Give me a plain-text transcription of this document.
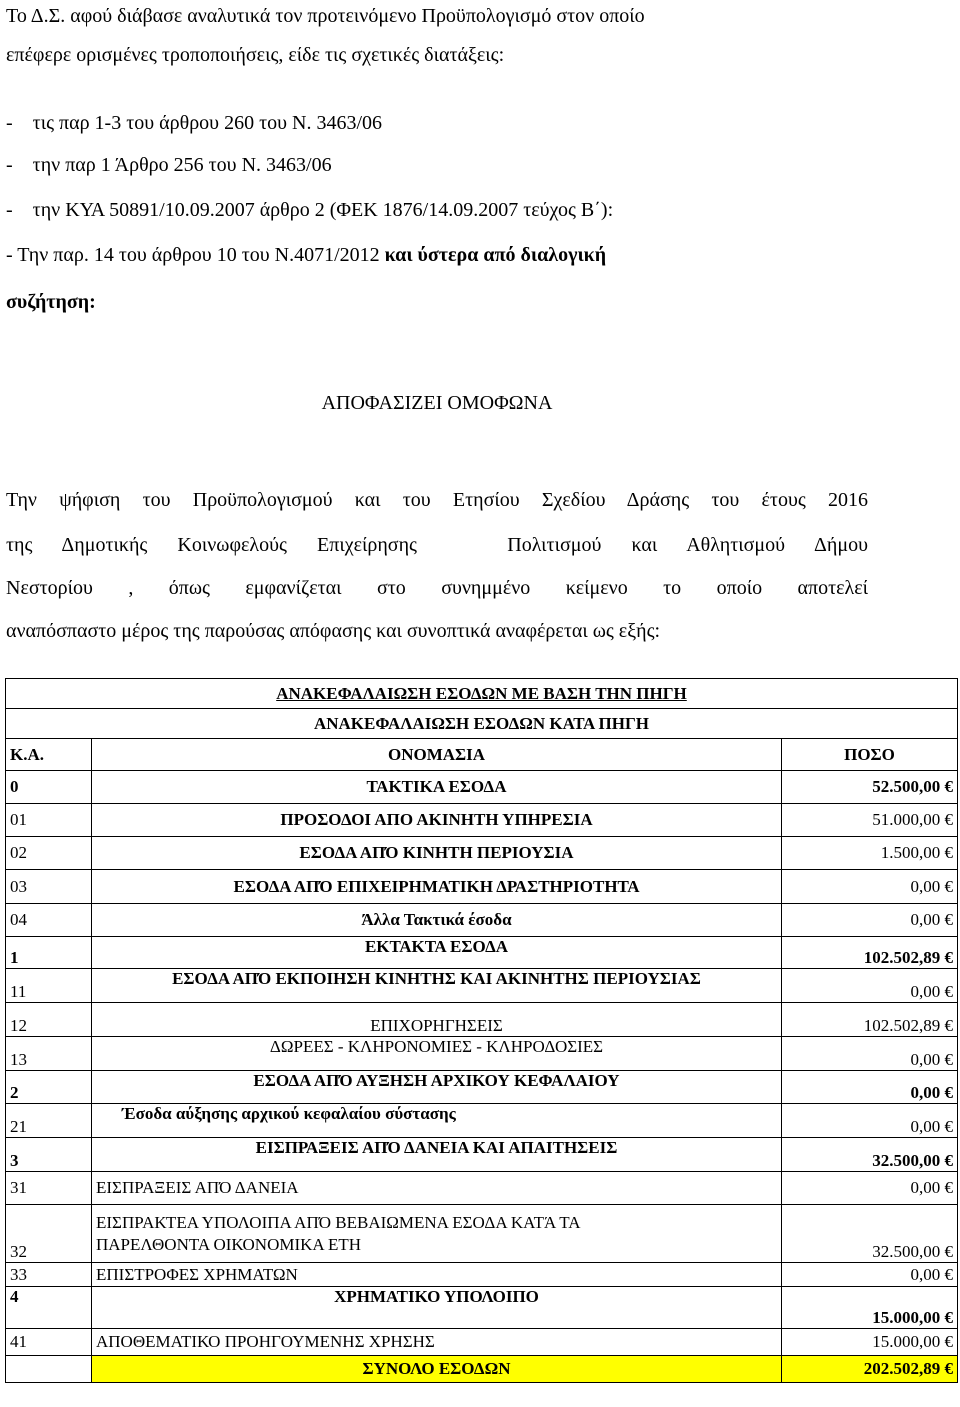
Το Δ.Σ. αφού διάβασε αναλυτικά τον προτεινόμενο Προϋπολογισμό στον οποίο
επέφερε ορισμένες τροποποιήσεις, είδε τις σχετικές διατάξεις:
-    τις παρ 1-3 του άρθρου 260 του Ν. 3463/06
-    την παρ 1 Άρθρο 256 του Ν. 3463/06
-    την ΚΥΑ 50891/10.09.2007 άρθρο 2 (ΦΕΚ 1876/14.09.2007 τεύχος Β΄):
- Την παρ. 14 του άρθρου 10 του Ν.4071/2012 και ύστερα από διαλογική
συζήτηση:
ΑΠΟΦΑΣΙΖΕΙ ΟΜΟΦΩΝΑ
Την ψήφιση του Προϋπολογισμού και του Ετησίου Σχεδίου Δράσης του έτους 2016
της Δημοτικής Κοινωφελούς Επιχείρησης   Πολιτισμού και Αθλητισμού Δήμου
Νεστορίου , όπως εμφανίζεται στο συνημμένο κείμενο το οποίο αποτελεί
αναπόσπαστο μέρος της παρούσας απόφασης και συνοπτικά αναφέρεται ως εξής:
ΑΝΑΚΕΦΑΛΑΙΩΣΗ ΕΣΟΔΩΝ ΜΕ ΒΑΣΗ ΤΗΝ ΠΗΓΗ		
ΑΝΑΚΕΦΑΛΑΙΩΣΗ ΕΣΟΔΩΝ ΚΑΤΑ ΠΗΓΗ		
Κ.Α.	ΟΝΟΜΑΣΙΑ	ΠΟΣΟ
0	ΤΑΚΤΙΚΑ ΕΣΟΔΑ	52.500,00 €
01	ΠΡΟΣΟΔΟΙ ΑΠΟ ΑΚΙΝΗΤΗ ΥΠΗΡΕΣΙΑ	51.000,00 €
02	ΕΣΟΔΑ ΑΠΌ ΚΙΝΗΤΗ ΠΕΡΙΟΥΣΙΑ	1.500,00 €
03	ΕΣΟΔΑ ΑΠΌ ΕΠΙΧΕΙΡΗΜΑΤΙΚΗ ΔΡΑΣΤΗΡΙΟΤΗΤΑ	0,00 €
04	Άλλα Τακτικά έσοδα	0,00 €
1	ΕΚΤΑΚΤΑ ΕΣΟΔΑ	102.502,89 €
11	ΕΣΟΔΑ ΑΠΌ ΕΚΠΟΙΗΣΗ ΚΙΝΗΤΗΣ ΚΑΙ ΑΚΙΝΗΤΗΣ ΠΕΡΙΟΥΣΙΑΣ	0,00 €
12	ΕΠΙΧΟΡΗΓΗΣΕΙΣ	102.502,89 €
13	ΔΩΡΕΕΣ - ΚΛΗΡΟΝΟΜΙΕΣ - ΚΛΗΡΟΔΟΣΙΕΣ	0,00 €
2	ΕΣΟΔΑ ΑΠΌ ΑΥΞΗΣΗ ΑΡΧΙΚΟΥ ΚΕΦΑΛΑΙΟΥ	0,00 €
21	Έσοδα αύξησης αρχικού κεφαλαίου σύστασης	0,00 €
3	ΕΙΣΠΡΑΞΕΙΣ ΑΠΌ ΔΑΝΕΙΑ ΚΑΙ ΑΠΑΙΤΗΣΕΙΣ	32.500,00 €
31	ΕΙΣΠΡΑΞΕΙΣ ΑΠΌ ΔΑΝΕΙΑ	0,00 €
32	ΕΙΣΠΡΑΚΤΕΑ ΥΠΟΛΟΙΠΑ ΑΠΌ ΒΕΒΑΙΩΜΕΝΑ ΕΣΟΔΑ ΚΑΤΆ ΤΑ
ΠΑΡΕΛΘΟΝΤΑ ΟΙΚΟΝΟΜΙΚΑ ΕΤΗ	32.500,00 €
33	ΕΠΙΣΤΡΟΦΕΣ ΧΡΗΜΑΤΩΝ	0,00 €
4	ΧΡΗΜΑΤΙΚΟ ΥΠΟΛΟΙΠΟ	15.000,00 €
41	ΑΠΟΘΕΜΑΤΙΚΟ ΠΡΟΗΓΟΥΜΕΝΗΣ ΧΡΗΣΗΣ	15.000,00 €
	ΣΥΝΟΛΟ ΕΣΟΔΩΝ	202.502,89 €
